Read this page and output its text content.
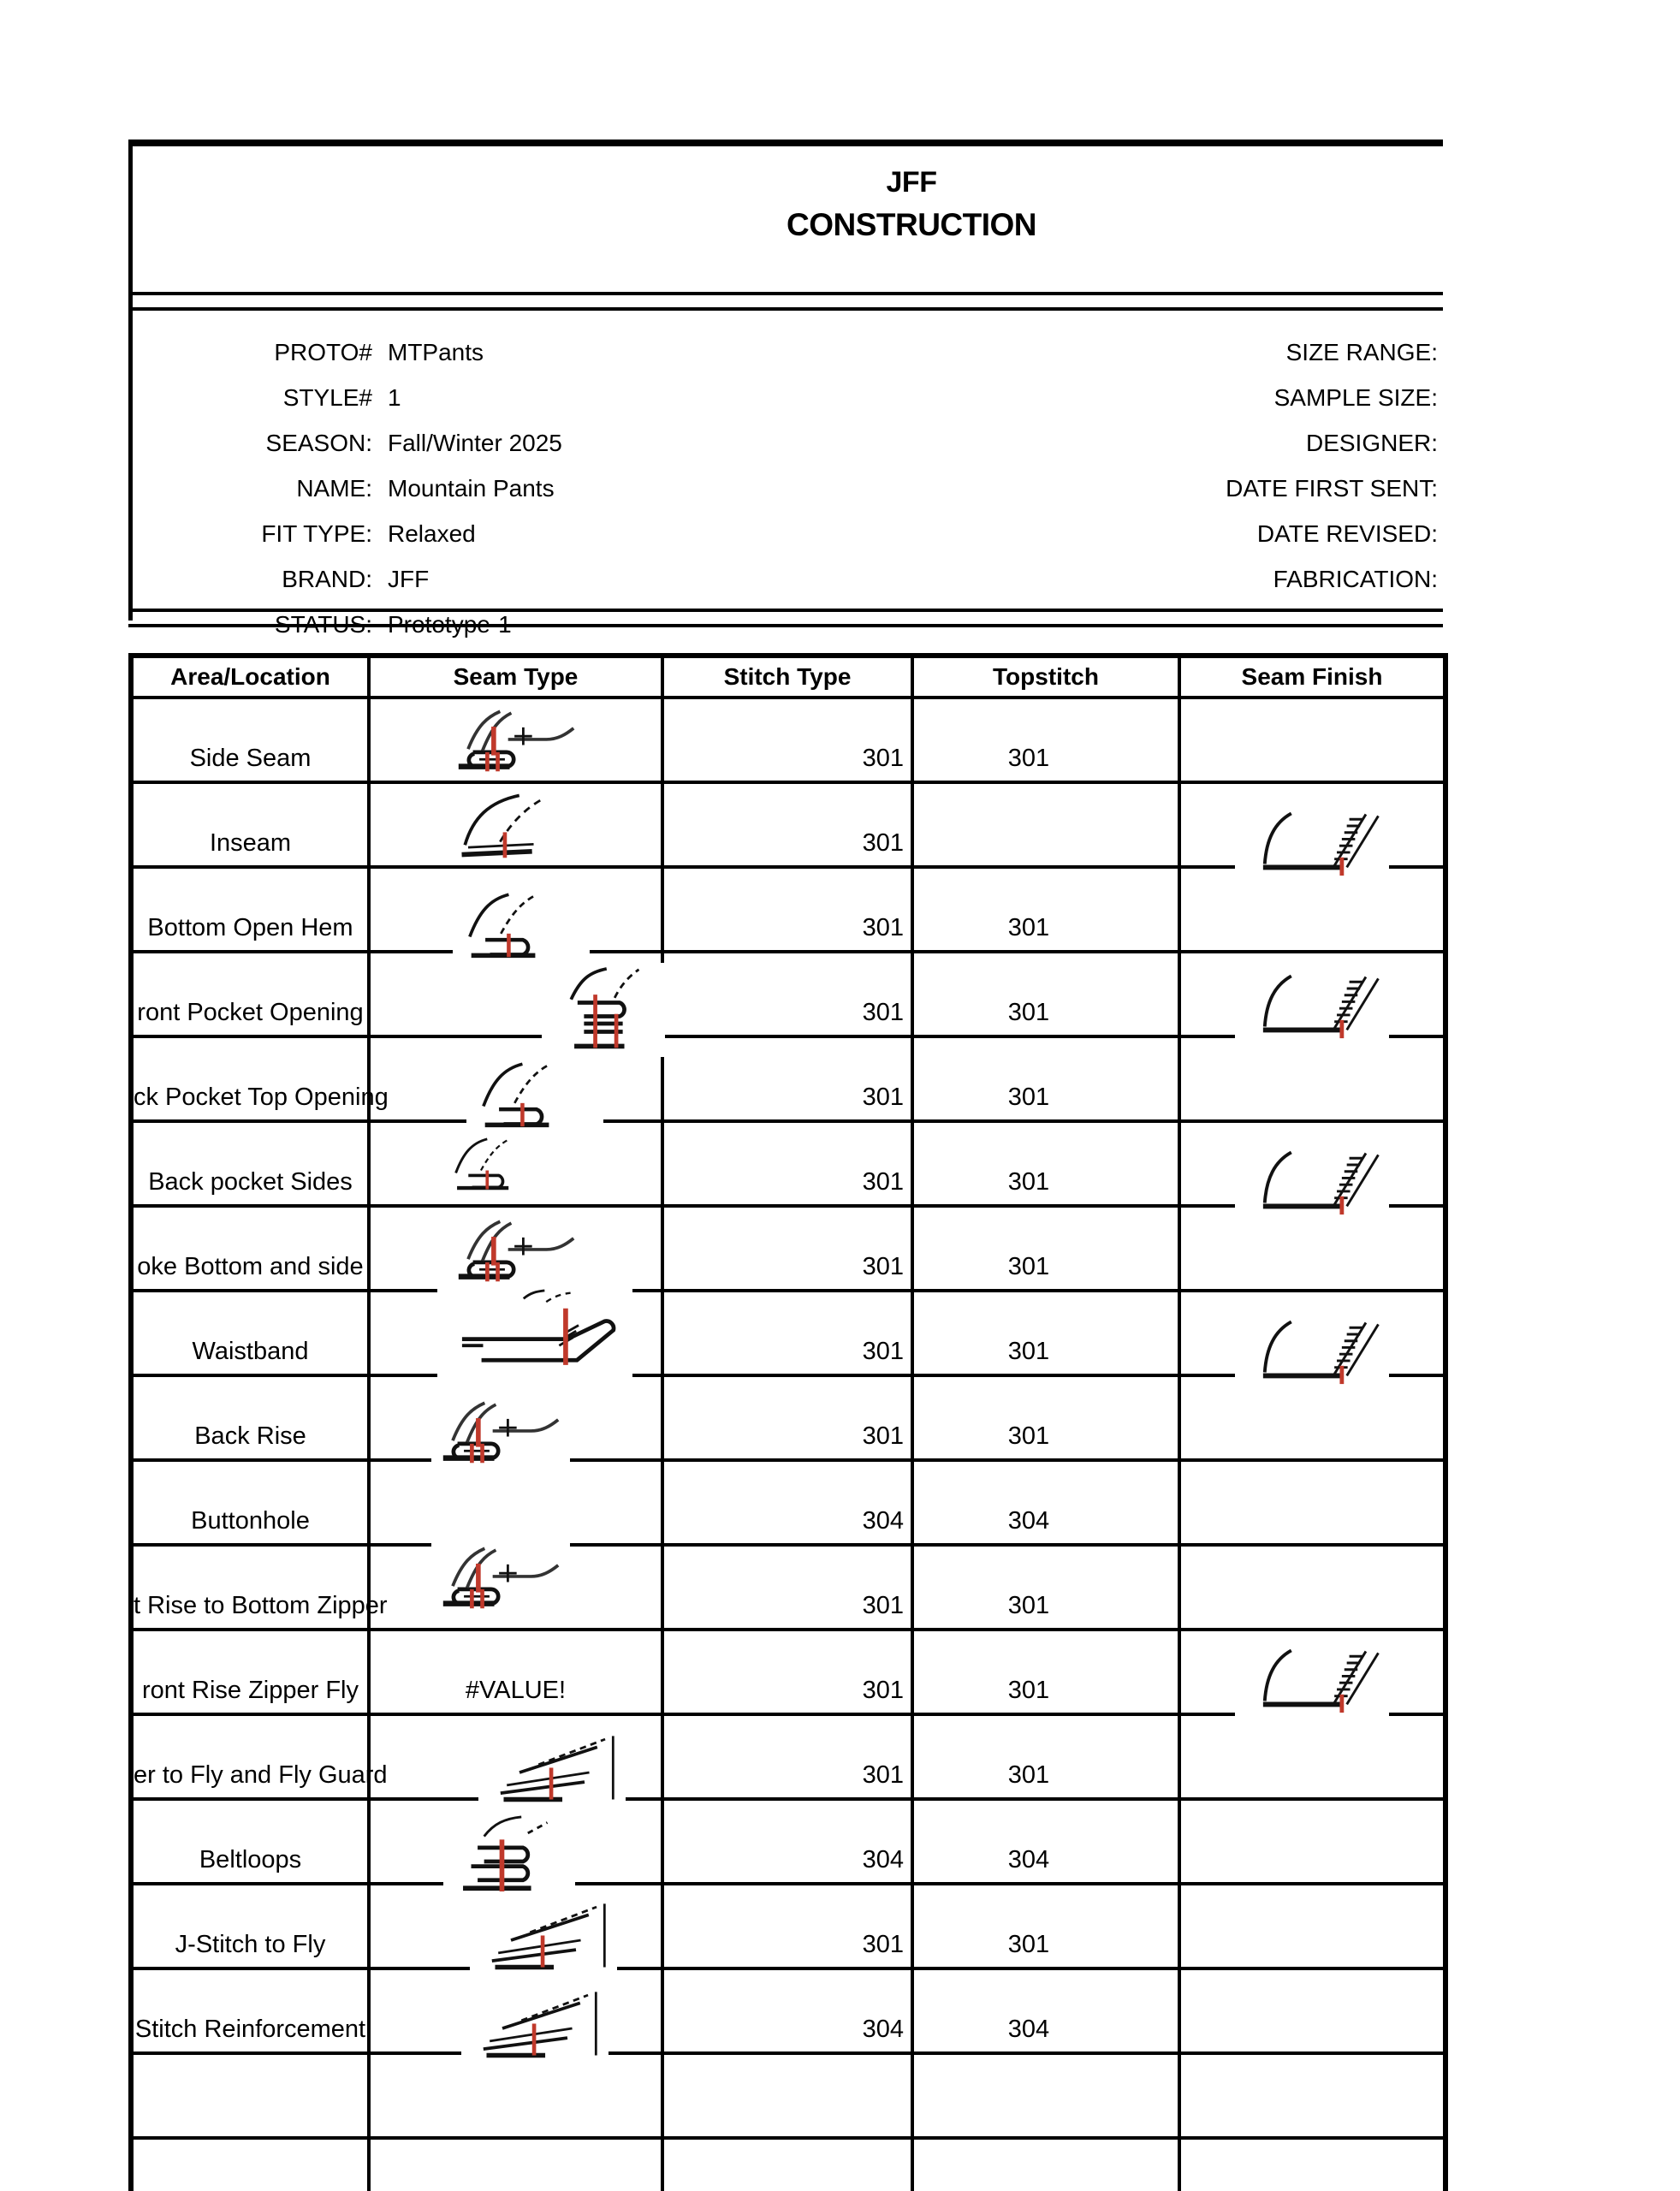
JFF
CONSTRUCTION
PROTO# MTPants
STYLE# 1
SEASON: Fall/Winter 2025
NAME: Mountain Pants
FIT TYPE: Relaxed
BRAND: JFF
STATUS: Prototype-1
SIZE RANGE:
SAMPLE SIZE:
DESIGNER:
DATE FIRST SENT:
DATE REVISED:
FABRICATION:
Area/Location	Seam Type	Stitch Type	Topstitch	Seam Finish
Side Seam		301	301	
Inseam		301		

Bottom Open Hem		301	301	
ront Pocket Opening		301	301	

ck Pocket Top Opening		301	301	
Back pocket Sides		301	301	

oke Bottom and side		301	301	
Waistband		301	301	

Back Rise		301	301	
Buttonhole		304	304	
t Rise to Bottom Zipper		301	301	
ront Rise Zipper Fly	#VALUE!	301	301	

er to Fly and Fly Guard		301	301	
Beltloops		304	304	
J-Stitch to Fly		301	301	
Stitch Reinforcement		304	304	
